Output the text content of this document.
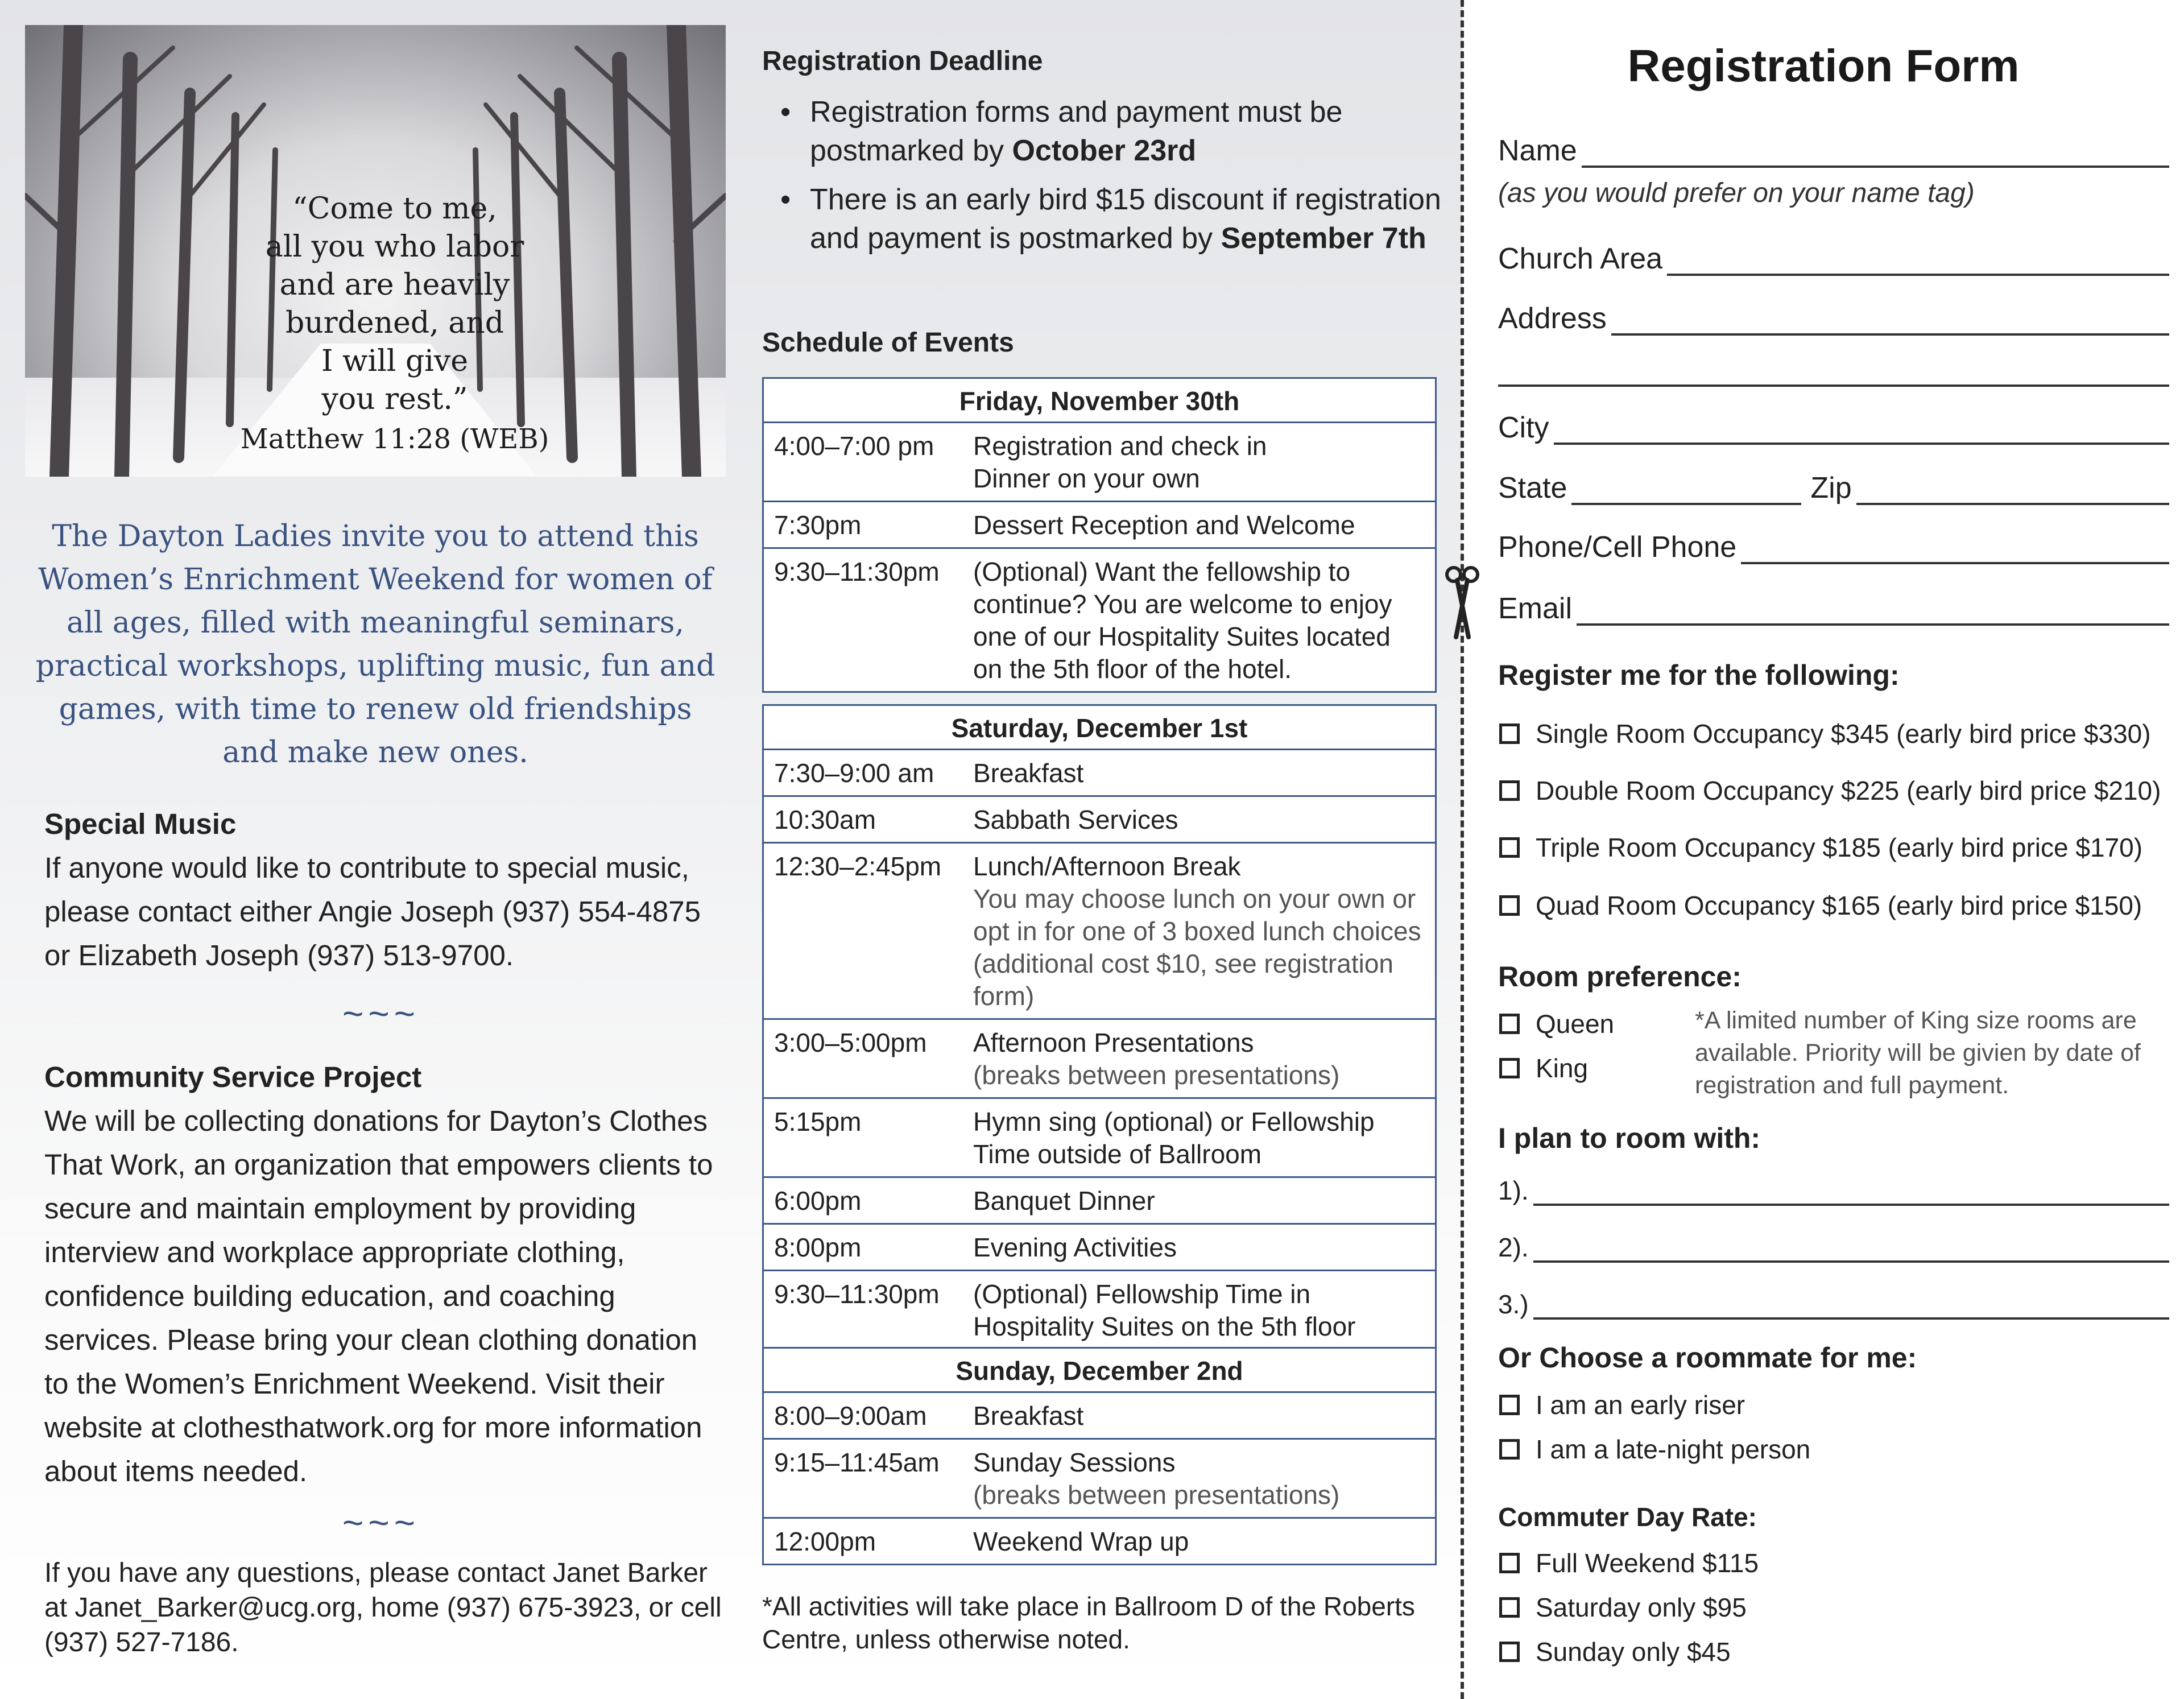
“Come to me,
all you who labor
and are heavily
burdened, and
I will give
you rest.”
Matthew 11:28 (WEB)
The Dayton Ladies invite you to attend this Women’s Enrichment Weekend for women of all ages, filled with meaningful seminars, practical workshops, uplifting music, fun and games, with time to renew old friendships and make new ones.
Special Music
If anyone would like to contribute to special music, please contact either Angie Joseph (937) 554-4875 or Elizabeth Joseph (937) 513-9700.
~~~
Community Service Project
We will be collecting donations for Dayton’s Clothes That Work, an organization that empowers clients to secure and maintain employment by providing interview and workplace appropriate clothing, confidence building education, and coaching services. Please bring your clean clothing donation to the Women’s Enrichment Weekend. Visit their website at clothesthatwork.org for more information about items needed.
~~~
If you have any questions, please contact Janet Barker at Janet_Barker@ucg.org, home (937) 675-3923, or cell (937) 527-7186.
Registration Deadline
• Registration forms and payment must be postmarked by October 23rd
• There is an early bird $15 discount if registration and payment is postmarked by September 7th
Schedule of Events
Friday, November 30th
4:00–7:00 pm	Registration and check in
Dinner on your own
7:30pm	Dessert Reception and Welcome
9:30–11:30pm	(Optional) Want the fellowship to continue? You are welcome to enjoy one of our Hospitality Suites located on the 5th floor of the hotel.
Saturday, December 1st
7:30–9:00 am	Breakfast
10:30am	Sabbath Services
12:30–2:45pm	Lunch/Afternoon Break
You may choose lunch on your own or opt in for one of 3 boxed lunch choices (additional cost $10, see registration form)
3:00–5:00pm	Afternoon Presentations
(breaks between presentations)
5:15pm	Hymn sing (optional) or Fellowship Time outside of Ballroom
6:00pm	Banquet Dinner
8:00pm	Evening Activities
9:30–11:30pm	(Optional) Fellowship Time in Hospitality Suites on the 5th floor
Sunday, December 2nd
8:00–9:00am	Breakfast
9:15–11:45am	Sunday Sessions
(breaks between presentations)
12:00pm	Weekend Wrap up
*All activities will take place in Ballroom D of the Roberts Centre, unless otherwise noted.
Registration Form
Name
(as you would prefer on your name tag)
Church Area
Address
City
State	Zip
Phone/Cell Phone
Email
Register me for the following:
Single Room Occupancy $345 (early bird price $330)
Double Room Occupancy $225 (early bird price $210)
Triple Room Occupancy $185 (early bird price $170)
Quad Room Occupancy $165 (early bird price $150)
Room preference:
Queen
King
*A limited number of King size rooms are available. Priority will be givien by date of registration and full payment.
I plan to room with:
1).
2).
3.)
Or Choose a roommate for me:
I am an early riser
I am a late-night person
Commuter Day Rate:
Full Weekend $115
Saturday only $95
Sunday only $45
